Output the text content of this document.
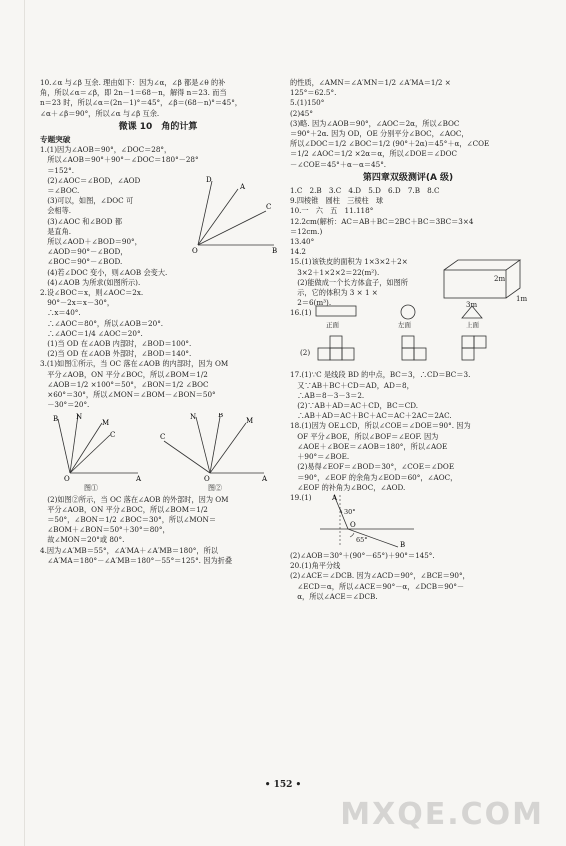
10.∠α 与∠β 互余. 理由如下：因为∠α，∠β 都是∠θ 的补
角，所以∠α＝∠β，即 2n－1＝68－n，解得 n＝23. 而当
n＝23 时，所以∠α＝(2n－1)°＝45°，∠β＝(68－n)°＝45°，
∠α＋∠β＝90°，所以∠α 与∠β 互余.
微课 10　角的计算
专题突破
1.(1)因为∠AOB＝90°，∠DOC＝28°，
　所以∠AOB＝90°＋90°－∠DOC＝180°－28°
　＝152°.
　(2)∠AOC＝∠BOD，∠AOD
　＝∠BOC.
　(3)可以，如图，∠DOC 可
　会相等.
　(3)∠AOC 和∠BOD 都
　是直角.
　所以∠AOD＋∠BOD＝90°，
　∠AOD＝90°－∠BOD，
　∠BOC＝90°－∠BOD.
　(4)若∠DOC 变小，则∠AOB 会变大.
　(4)∠AOB 为所求(如图所示).
O	B
D
A
C
2.设∠BOC＝x，则∠AOC＝2x.
　90°－2x＝x－30°，
　∴x＝40°.
　∴∠AOC＝80°，所以∠AOB＝20°.
　∴∠AOC＝1/4 ∠AOC＝20°.
　(1)当 OD 在∠AOB 内部时，∠BOD＝100°.
　(2)当 OD 在∠AOB 外部时，∠BOD＝140°.
3.(1)如图①所示，当 OC 落在∠AOB 的内部时，因为 OM
　平分∠AOB，ON 平分∠BOC，所以∠BOM＝1/2
　∠AOB＝1/2 ×100°＝50°，∠BON＝1/2 ∠BOC
　×60°＝30°，所以∠MON＝∠BOM－∠BON＝50°
　－30°＝20°.
O	A
B	N
M
C
图①
O	A
C
N	B
M
图②
　(2)如图②所示，当 OC 落在∠AOB 的外部时，因为 OM
　平分∠AOB，ON 平分∠BOC，所以∠BOM＝1/2
　＝50°，∠BON＝1/2 ∠BOC＝30°，所以∠MON＝
　∠BOM＋∠BON＝50°＋30°＝80°，
　故∠MON＝20°或 80°.
4.因为∠A′MB＝55°，∠A′MA＋∠A′MB＝180°，所以
　∠A′MA＝180°－∠A′MB＝180°－55°＝125°. 因为折叠
的性质，∠AMN＝∠A′MN＝1/2 ∠A′MA＝1/2 ×
125°＝62.5°.
5.(1)150°
(2)45°
(3)略. 因为∠AOB＝90°，∠AOC＝2α，所以∠BOC
＝90°＋2α. 因为 OD，OE 分别平分∠BOC，∠AOC，
所以∠DOC＝1/2 ∠BOC＝1/2 (90°＋2α)＝45°＋α，∠COE
＝1/2 ∠AOC＝1/2 ×2α＝α，所以∠DOE＝∠DOC
－∠COE＝45°＋α－α＝45°.
第四章双级测评(A 级)
1.C　2.B　3.C　4.D　5.D　6.D　7.B　8.C
9.四棱锥　圆柱　三棱柱　球
10.一　六　五　11.118°
12.2cm(解析：AC＝AB＋BC＝2BC＋BC＝3BC＝3×4
＝12cm.)
13.40°
14.2
15.(1)该铁皮的面积为 1×3×2＋2×
　3×2＋1×2×2＝22(m²).
　(2)能做成一个长方体盒子，如图所
　示，它的体积为 3 × 1 ×
　2＝6(m³).
2m
3m
1m
16.(1)
正面	左面	上面
(2)
17.(1)∵C 是线段 BD 的中点，BC＝3，∴CD＝BC＝3.
　又∵AB＋BC＋CD＝AD，AD＝8，
　∴AB＝8－3－3＝2.
　(2)∵AB＋AD＝AC＋CD，BC＝CD.
　∴AB＋AD＝AC＋BC＋AC＝AC＋2AC＝2AC.
18.(1)因为 OE⊥CD，所以∠COE＝∠DOE＝90°. 因为
　OF 平分∠BOE，所以∠BOF＝∠EOF. 因为
　∠AOE＋∠BOE＝∠AOB＝180°，所以∠AOE
　＋90°＝∠BOE.
　(2)易得∠EOF＝∠BOD＝30°，∠COE＝∠DOE
　＝90°，∠EOF 的余角为∠EOD＝60°，∠AOC，
　∠EOF 的补角为∠BOC，∠AOD.
19.(1)	A
O
B
30°
65°
(2)∠AOB＝30°＋(90°－65°)＋90°＝145°.
20.(1)角平分线
(2)∠ACE＝∠DCB. 因为∠ACD＝90°，∠BCE＝90°，
　∠ECD＝α，所以∠ACE＝90°－α，∠DCB＝90°－
　α，所以∠ACE＝∠DCB.
• 152 •
MXQE.COM
